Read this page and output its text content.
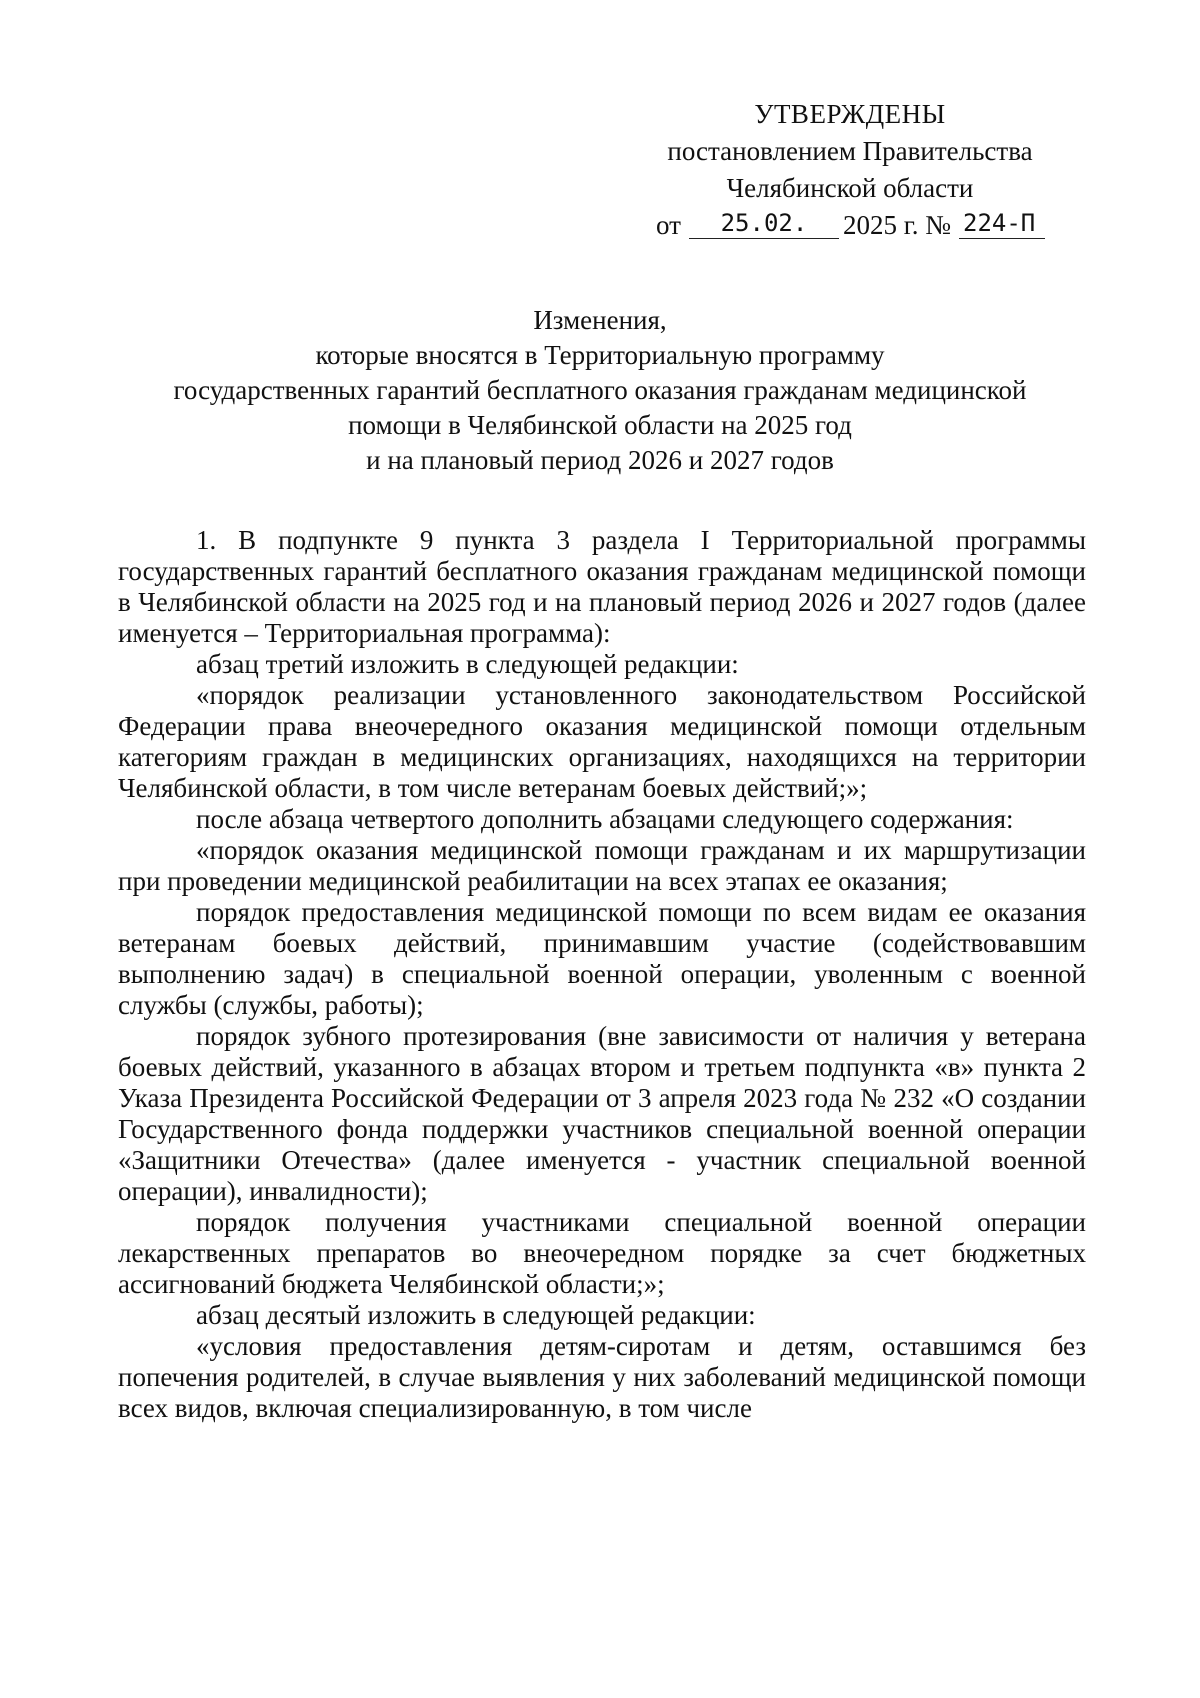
УТВЕРЖДЕНЫ
постановлением Правительства
Челябинской области
от 25.02. 2025 г. № 224-П
Изменения,
которые вносятся в Территориальную программу
государственных гарантий бесплатного оказания гражданам медицинской
помощи в Челябинской области на 2025 год
и на плановый период 2026 и 2027 годов

1. В подпункте 9 пункта 3 раздела I Территориальной программы государственных гарантий бесплатного оказания гражданам медицинской помощи в Челябинской области на 2025 год и на плановый период 2026 и 2027 годов (далее именуется – Территориальная программа):

абзац третий изложить в следующей редакции:

«порядок реализации установленного законодательством Российской Федерации права внеочередного оказания медицинской помощи отдельным категориям граждан в медицинских организациях, находящихся на территории Челябинской области, в том числе ветеранам боевых действий;»;

после абзаца четвертого дополнить абзацами следующего содержания:

«порядок оказания медицинской помощи гражданам и их маршрутизации при проведении медицинской реабилитации на всех этапах ее оказания;

порядок предоставления медицинской помощи по всем видам ее оказания ветеранам боевых действий, принимавшим участие (содействовавшим выполнению задач) в специальной военной операции, уволенным с военной службы (службы, работы);

порядок зубного протезирования (вне зависимости от наличия у ветерана боевых действий, указанного в абзацах втором и третьем подпункта «в» пункта 2 Указа Президента Российской Федерации от 3 апреля 2023 года № 232 «О создании Государственного фонда поддержки участников специальной военной операции «Защитники Отечества» (далее именуется - участник специальной военной операции), инвалидности);

порядок получения участниками специальной военной операции лекарственных препаратов во внеочередном порядке за счет бюджетных ассигнований бюджета Челябинской области;»;

абзац десятый изложить в следующей редакции:

«условия предоставления детям-сиротам и детям, оставшимся без попечения родителей, в случае выявления у них заболеваний медицинской помощи всех видов, включая специализированную, в том числе
